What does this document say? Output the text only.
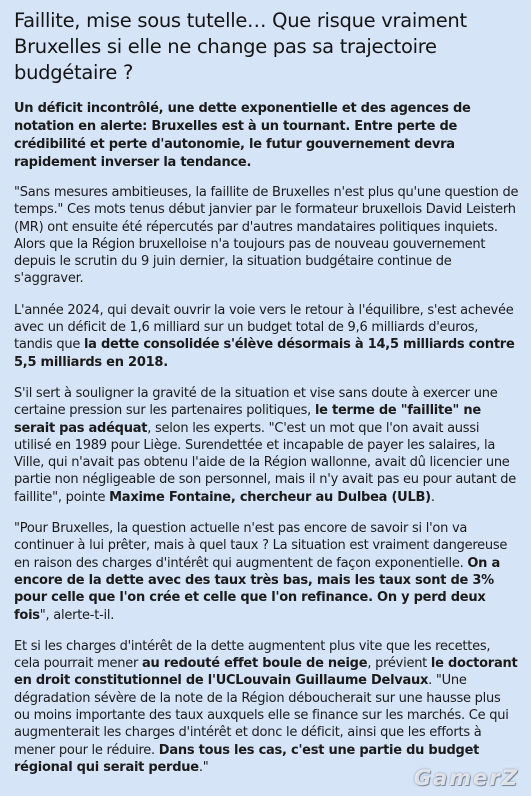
Faillite, mise sous tutelle… Que risque vraiment Bruxelles si elle ne change pas sa trajectoire budgétaire ?

Un déficit incontrôlé, une dette exponentielle et des agences de notation en alerte: Bruxelles est à un tournant. Entre perte de crédibilité et perte d'autonomie, le futur gouvernement devra rapidement inverser la tendance.

"Sans mesures ambitieuses, la faillite de Bruxelles n'est plus qu'une question de temps." Ces mots tenus début janvier par le formateur bruxellois David Leisterh (MR) ont ensuite été répercutés par d'autres mandataires politiques inquiets. Alors que la Région bruxelloise n'a toujours pas de nouveau gouvernement depuis le scrutin du 9 juin dernier, la situation budgétaire continue de s'aggraver.

L'année 2024, qui devait ouvrir la voie vers le retour à l'équilibre, s'est achevée avec un déficit de 1,6 milliard sur un budget total de 9,6 milliards d'euros, tandis que la dette consolidée s'élève désormais à 14,5 milliards contre 5,5 milliards en 2018.

S'il sert à souligner la gravité de la situation et vise sans doute à exercer une certaine pression sur les partenaires politiques, le terme de "faillite" ne serait pas adéquat, selon les experts. "C'est un mot que l'on avait aussi utilisé en 1989 pour Liège. Surendettée et incapable de payer les salaires, la Ville, qui n'avait pas obtenu l'aide de la Région wallonne, avait dû licencier une partie non négligeable de son personnel, mais il n'y avait pas eu pour autant de faillite", pointe Maxime Fontaine, chercheur au Dulbea (ULB).

"Pour Bruxelles, la question actuelle n'est pas encore de savoir si l'on va continuer à lui prêter, mais à quel taux ? La situation est vraiment dangereuse en raison des charges d'intérêt qui augmentent de façon exponentielle. On a encore de la dette avec des taux très bas, mais les taux sont de 3% pour celle que l'on crée et celle que l'on refinance. On y perd deux fois", alerte-t-il.

Et si les charges d'intérêt de la dette augmentent plus vite que les recettes, cela pourrait mener au redouté effet boule de neige, prévient le doctorant en droit constitutionnel de l'UCLouvain Guillaume Delvaux. "Une dégradation sévère de la note de la Région déboucherait sur une hausse plus ou moins importante des taux auxquels elle se finance sur les marchés. Ce qui augmenterait les charges d'intérêt et donc le déficit, ainsi que les efforts à mener pour le réduire. Dans tous les cas, c'est une partie du budget régional qui serait perdue."	GamerZ
